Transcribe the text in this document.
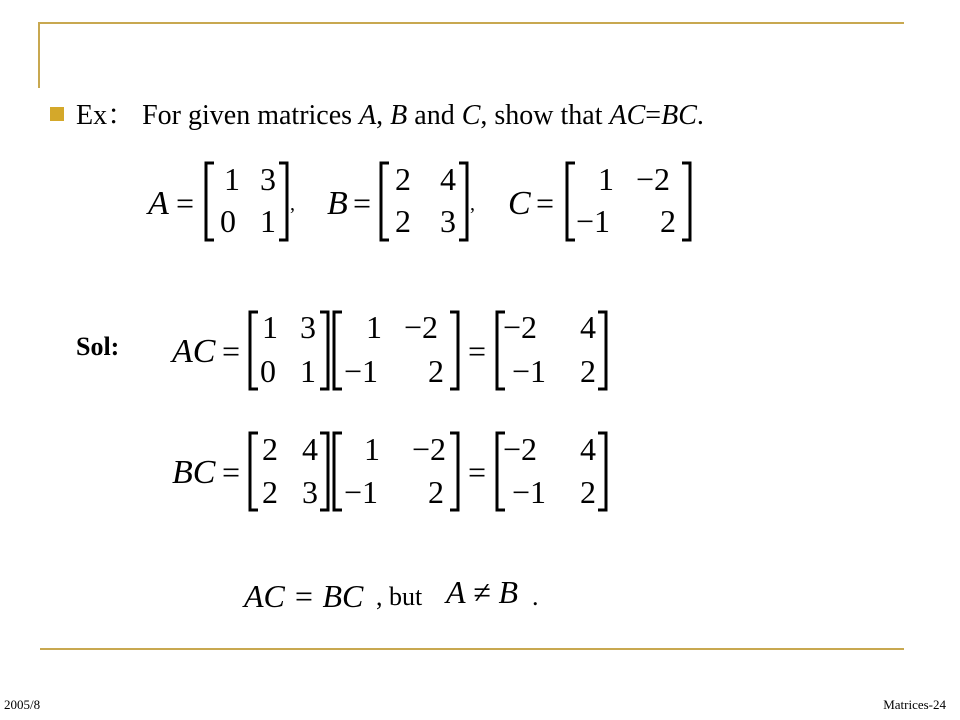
Ex： For given matrices A, B and C, show that AC=BC.
A =
1 3
0 1 , B =
2 4
2 3 , C =
1 −2
−1 2
AC =
1 3
0 1
1 −2
−1 2
=
−2 4
−1 2
BC =
2 4
2 3
1 −2
−1 2
=
−2 4
−1 2
AC = BC	A ≠ B
Sol:
, but	.
2005/8	Matrices-24
